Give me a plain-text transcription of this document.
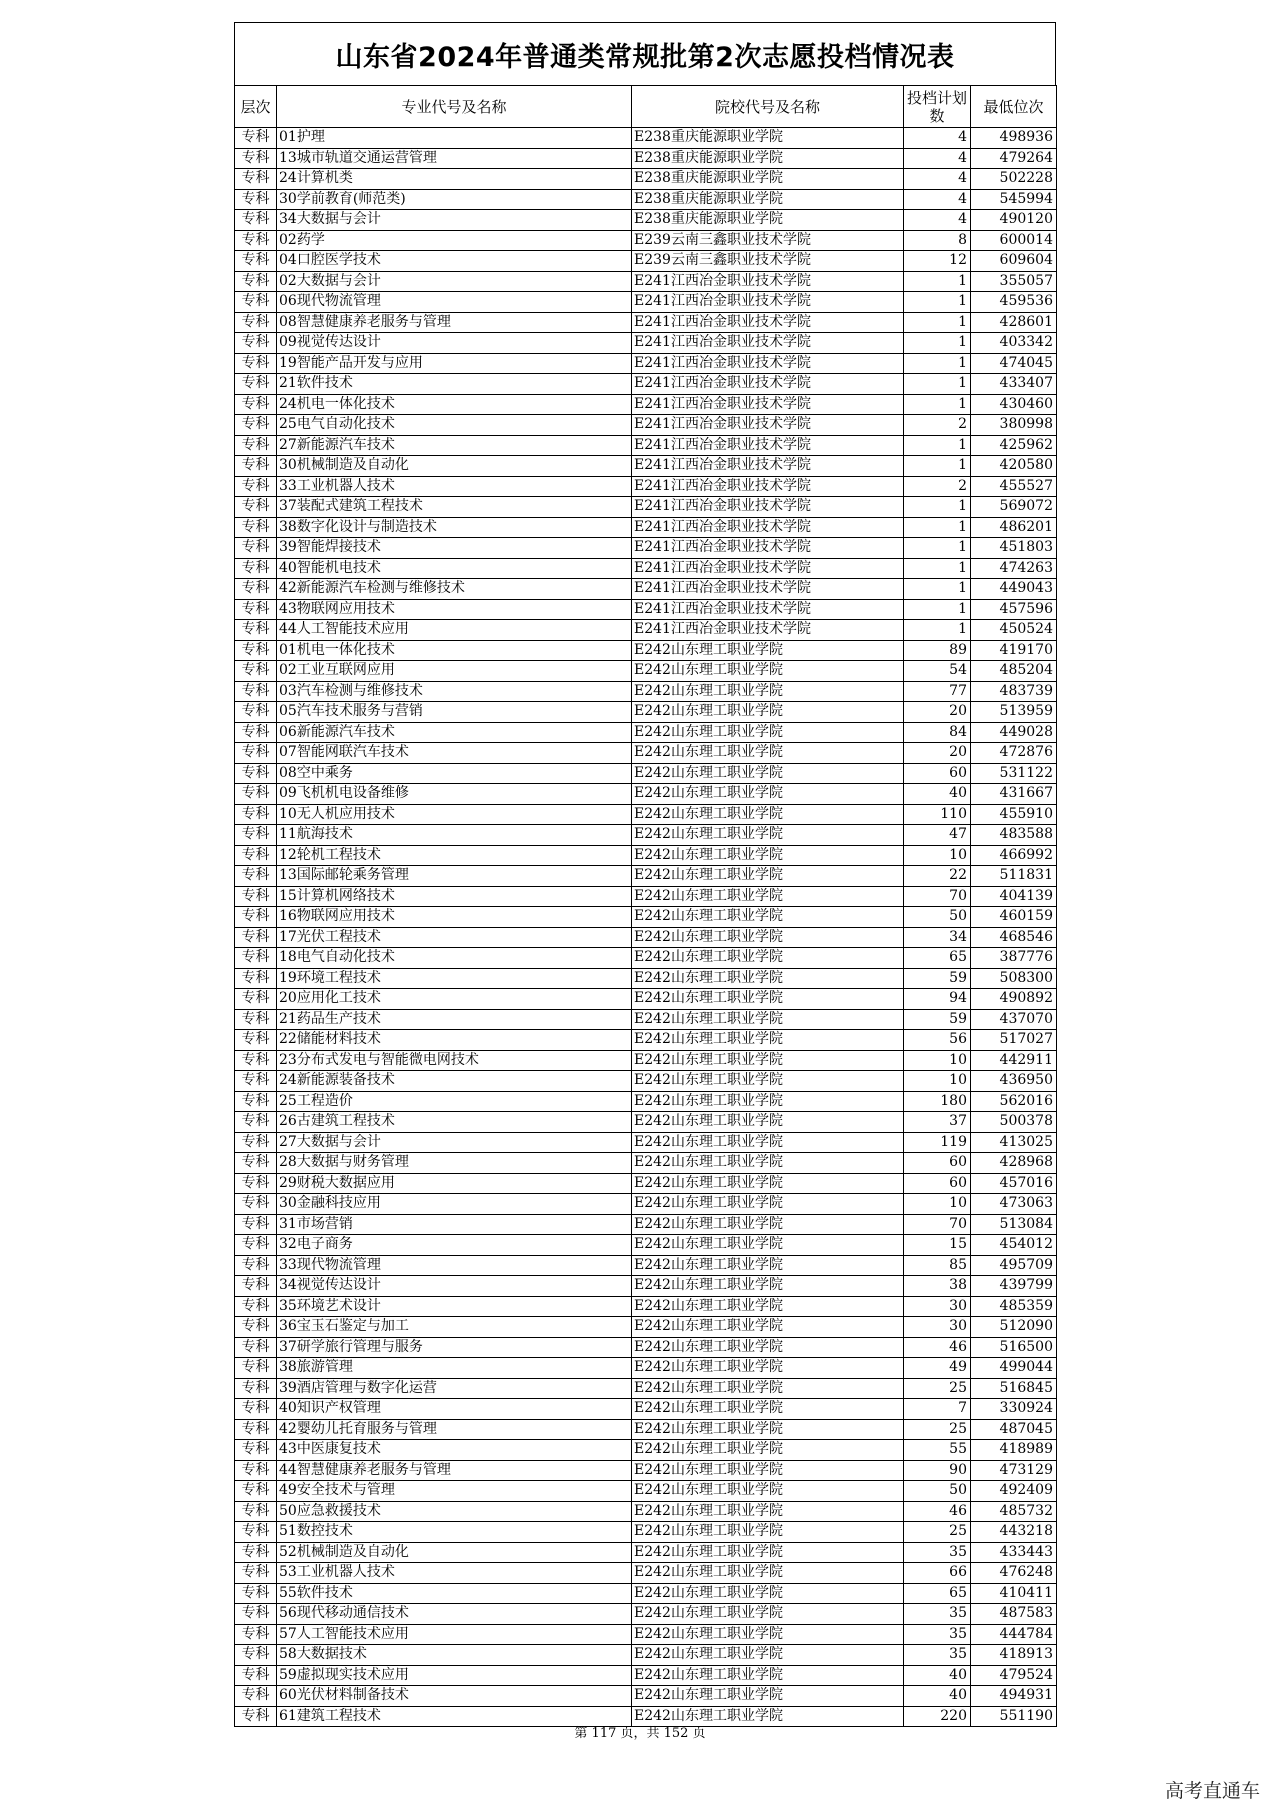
山东省2024年普通类常规批第2次志愿投档情况表
层次	专业代号及名称	院校代号及名称	投档计划数	最低位次
专科	01护理	E238重庆能源职业学院	4	498936
专科	13城市轨道交通运营管理	E238重庆能源职业学院	4	479264
专科	24计算机类	E238重庆能源职业学院	4	502228
专科	30学前教育(师范类)	E238重庆能源职业学院	4	545994
专科	34大数据与会计	E238重庆能源职业学院	4	490120
专科	02药学	E239云南三鑫职业技术学院	8	600014
专科	04口腔医学技术	E239云南三鑫职业技术学院	12	609604
专科	02大数据与会计	E241江西冶金职业技术学院	1	355057
专科	06现代物流管理	E241江西冶金职业技术学院	1	459536
专科	08智慧健康养老服务与管理	E241江西冶金职业技术学院	1	428601
专科	09视觉传达设计	E241江西冶金职业技术学院	1	403342
专科	19智能产品开发与应用	E241江西冶金职业技术学院	1	474045
专科	21软件技术	E241江西冶金职业技术学院	1	433407
专科	24机电一体化技术	E241江西冶金职业技术学院	1	430460
专科	25电气自动化技术	E241江西冶金职业技术学院	2	380998
专科	27新能源汽车技术	E241江西冶金职业技术学院	1	425962
专科	30机械制造及自动化	E241江西冶金职业技术学院	1	420580
专科	33工业机器人技术	E241江西冶金职业技术学院	2	455527
专科	37装配式建筑工程技术	E241江西冶金职业技术学院	1	569072
专科	38数字化设计与制造技术	E241江西冶金职业技术学院	1	486201
专科	39智能焊接技术	E241江西冶金职业技术学院	1	451803
专科	40智能机电技术	E241江西冶金职业技术学院	1	474263
专科	42新能源汽车检测与维修技术	E241江西冶金职业技术学院	1	449043
专科	43物联网应用技术	E241江西冶金职业技术学院	1	457596
专科	44人工智能技术应用	E241江西冶金职业技术学院	1	450524
专科	01机电一体化技术	E242山东理工职业学院	89	419170
专科	02工业互联网应用	E242山东理工职业学院	54	485204
专科	03汽车检测与维修技术	E242山东理工职业学院	77	483739
专科	05汽车技术服务与营销	E242山东理工职业学院	20	513959
专科	06新能源汽车技术	E242山东理工职业学院	84	449028
专科	07智能网联汽车技术	E242山东理工职业学院	20	472876
专科	08空中乘务	E242山东理工职业学院	60	531122
专科	09飞机机电设备维修	E242山东理工职业学院	40	431667
专科	10无人机应用技术	E242山东理工职业学院	110	455910
专科	11航海技术	E242山东理工职业学院	47	483588
专科	12轮机工程技术	E242山东理工职业学院	10	466992
专科	13国际邮轮乘务管理	E242山东理工职业学院	22	511831
专科	15计算机网络技术	E242山东理工职业学院	70	404139
专科	16物联网应用技术	E242山东理工职业学院	50	460159
专科	17光伏工程技术	E242山东理工职业学院	34	468546
专科	18电气自动化技术	E242山东理工职业学院	65	387776
专科	19环境工程技术	E242山东理工职业学院	59	508300
专科	20应用化工技术	E242山东理工职业学院	94	490892
专科	21药品生产技术	E242山东理工职业学院	59	437070
专科	22储能材料技术	E242山东理工职业学院	56	517027
专科	23分布式发电与智能微电网技术	E242山东理工职业学院	10	442911
专科	24新能源装备技术	E242山东理工职业学院	10	436950
专科	25工程造价	E242山东理工职业学院	180	562016
专科	26古建筑工程技术	E242山东理工职业学院	37	500378
专科	27大数据与会计	E242山东理工职业学院	119	413025
专科	28大数据与财务管理	E242山东理工职业学院	60	428968
专科	29财税大数据应用	E242山东理工职业学院	60	457016
专科	30金融科技应用	E242山东理工职业学院	10	473063
专科	31市场营销	E242山东理工职业学院	70	513084
专科	32电子商务	E242山东理工职业学院	15	454012
专科	33现代物流管理	E242山东理工职业学院	85	495709
专科	34视觉传达设计	E242山东理工职业学院	38	439799
专科	35环境艺术设计	E242山东理工职业学院	30	485359
专科	36宝玉石鉴定与加工	E242山东理工职业学院	30	512090
专科	37研学旅行管理与服务	E242山东理工职业学院	46	516500
专科	38旅游管理	E242山东理工职业学院	49	499044
专科	39酒店管理与数字化运营	E242山东理工职业学院	25	516845
专科	40知识产权管理	E242山东理工职业学院	7	330924
专科	42婴幼儿托育服务与管理	E242山东理工职业学院	25	487045
专科	43中医康复技术	E242山东理工职业学院	55	418989
专科	44智慧健康养老服务与管理	E242山东理工职业学院	90	473129
专科	49安全技术与管理	E242山东理工职业学院	50	492409
专科	50应急救援技术	E242山东理工职业学院	46	485732
专科	51数控技术	E242山东理工职业学院	25	443218
专科	52机械制造及自动化	E242山东理工职业学院	35	433443
专科	53工业机器人技术	E242山东理工职业学院	66	476248
专科	55软件技术	E242山东理工职业学院	65	410411
专科	56现代移动通信技术	E242山东理工职业学院	35	487583
专科	57人工智能技术应用	E242山东理工职业学院	35	444784
专科	58大数据技术	E242山东理工职业学院	35	418913
专科	59虚拟现实技术应用	E242山东理工职业学院	40	479524
专科	60光伏材料制备技术	E242山东理工职业学院	40	494931
专科	61建筑工程技术	E242山东理工职业学院	220	551190
第 117 页，共 152 页
高考直通车
